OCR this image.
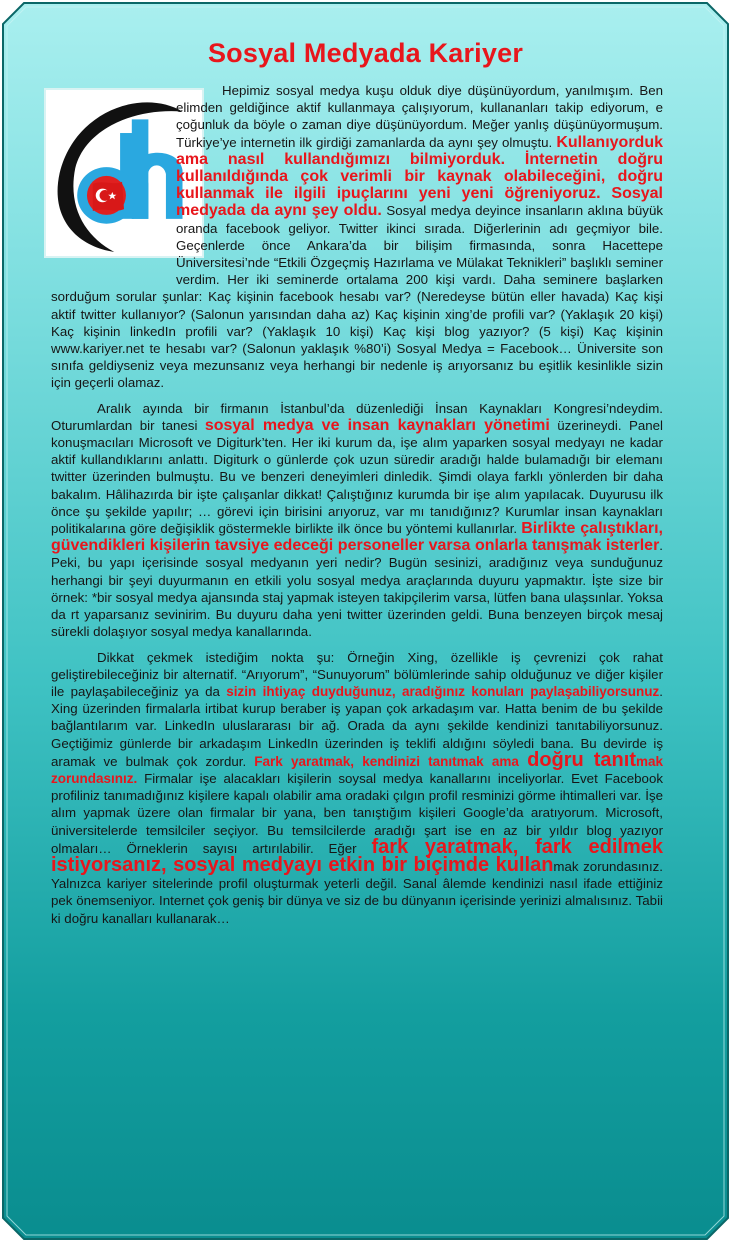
Sosyal Medyada Kariyer

Hepimiz sosyal medya kuşu olduk diye düşünüyordum, yanılmışım. Ben elimden geldiğince aktif kullanmaya çalışıyorum, kullananları takip ediyorum, e çoğunluk da böyle o zaman diye düşünüyordum. Meğer yanlış düşünüyormuşum. Türkiye’ye internetin ilk girdiği zamanlarda da aynı şey olmuştu. Kullanıyorduk ama nasıl kullandığımızı bilmiyorduk. İnternetin doğru kullanıldığında çok verimli bir kaynak olabileceğini, doğru kullanmak ile ilgili ipuçlarını yeni yeni öğreniyoruz. Sosyal medyada da aynı şey oldu. Sosyal medya deyince insanların aklına büyük oranda facebook geliyor. Twitter ikinci sırada. Diğerlerinin adı geçmiyor bile. Geçenlerde önce Ankara’da bir bilişim firmasında, sonra Hacettepe Üniversitesi’nde “Etkili Özgeçmiş Hazırlama ve Mülakat Teknikleri” başlıklı seminer verdim. Her iki seminerde ortalama 200 kişi vardı. Daha seminere başlarken sorduğum sorular şunlar: Kaç kişinin facebook hesabı var? (Neredeyse bütün eller havada) Kaç kişi aktif twitter kullanıyor? (Salonun yarısından daha az) Kaç kişinin xing’de profili var? (Yaklaşık 20 kişi) Kaç kişinin linkedIn profili var? (Yaklaşık 10 kişi) Kaç kişi blog yazıyor? (5 kişi) Kaç kişinin www.kariyer.net te hesabı var? (Salonun yaklaşık %80’i) Sosyal Medya = Facebook… Üniversite son sınıfa geldiyseniz veya mezunsanız veya herhangi bir nedenle iş arıyorsanız bu eşitlik kesinlikle sizin için geçerli olamaz.

Aralık ayında bir firmanın İstanbul’da düzenlediği İnsan Kaynakları Kongresi’ndeydim. Oturumlardan bir tanesi sosyal medya ve insan kaynakları yönetimi üzerineydi. Panel konuşmacıları Microsoft ve Digiturk’ten. Her iki kurum da, işe alım yaparken sosyal medyayı ne kadar aktif kullandıklarını anlattı. Digiturk o günlerde çok uzun süredir aradığı halde bulamadığı bir elemanı twitter üzerinden bulmuştu. Bu ve benzeri deneyimleri dinledik. Şimdi olaya farklı yönlerden bir daha bakalım. Hâlihazırda bir işte çalışanlar dikkat! Çalıştığınız kurumda bir işe alım yapılacak. Duyurusu ilk önce şu şekilde yapılır; … görevi için birisini arıyoruz, var mı tanıdığınız? Kurumlar insan kaynakları politikalarına göre değişiklik göstermekle birlikte ilk önce bu yöntemi kullanırlar. Birlikte çalıştıkları, güvendikleri kişilerin tavsiye edeceği personeller varsa onlarla tanışmak isterler. Peki, bu yapı içerisinde sosyal medyanın yeri nedir? Bugün sesinizi, aradığınız veya sunduğunuz herhangi bir şeyi duyurmanın en etkili yolu sosyal medya araçlarında duyuru yapmaktır. İşte size bir örnek: *bir sosyal medya ajansında staj yapmak isteyen takipçilerim varsa, lütfen bana ulaşsınlar. Yoksa da rt yaparsanız sevinirim. Bu duyuru daha yeni twitter üzerinden geldi. Buna benzeyen birçok mesaj sürekli dolaşıyor sosyal medya kanallarında.

Dikkat çekmek istediğim nokta şu: Örneğin Xing, özellikle iş çevrenizi çok rahat geliştirebileceğiniz bir alternatif. “Arıyorum”, “Sunuyorum” bölümlerinde sahip olduğunuz ve diğer kişiler ile paylaşabileceğiniz ya da sizin ihtiyaç duyduğunuz, aradığınız konuları paylaşabiliyorsunuz. Xing üzerinden firmalarla irtibat kurup beraber iş yapan çok arkadaşım var. Hatta benim de bu şekilde bağlantılarım var. LinkedIn uluslararası bir ağ. Orada da aynı şekilde kendinizi tanıtabiliyorsunuz. Geçtiğimiz günlerde bir arkadaşım LinkedIn üzerinden iş teklifi aldığını söyledi bana. Bu devirde iş aramak ve bulmak çok zordur. Fark yaratmak, kendinizi tanıtmak ama doğru tanıtmak zorundasınız. Firmalar işe alacakları kişilerin soysal medya kanallarını inceliyorlar. Evet Facebook profiliniz tanımadığınız kişilere kapalı olabilir ama oradaki çılgın profil resminizi görme ihtimalleri var. İşe alım yapmak üzere olan firmalar bir yana, ben tanıştığım kişileri Google’da aratıyorum. Microsoft, üniversitelerde temsilciler seçiyor. Bu temsilcilerde aradığı şart ise en az bir yıldır blog yazıyor olmaları… Örneklerin sayısı artırılabilir. Eğer fark yaratmak, fark edilmek istiyorsanız, sosyal medyayı etkin bir biçimde kullanmak zorundasınız. Yalnızca kariyer sitelerinde profil oluşturmak yeterli değil. Sanal âlemde kendinizi nasıl ifade ettiğiniz pek önemseniyor. Internet çok geniş bir dünya ve siz de bu dünyanın içerisinde yerinizi almalısınız. Tabii ki doğru kanalları kullanarak…
